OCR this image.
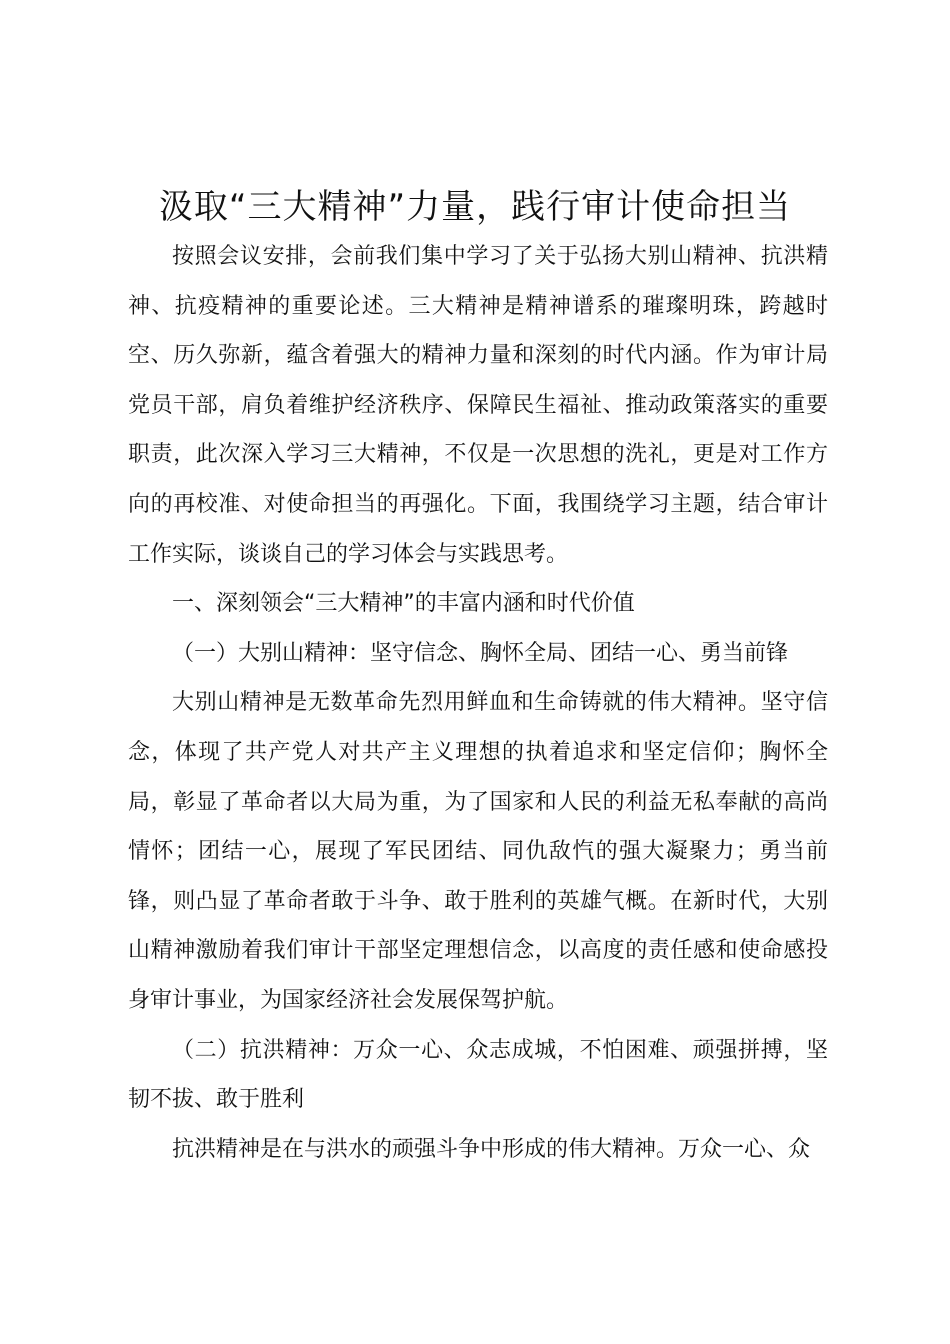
汲取“三大精神”力量，践行审计使命担当

按照会议安排，会前我们集中学习了关于弘扬大别山精神、抗洪精神、抗疫精神的重要论述。三大精神是精神谱系的璀璨明珠，跨越时空、历久弥新，蕴含着强大的精神力量和深刻的时代内涵。作为审计局党员干部，肩负着维护经济秩序、保障民生福祉、推动政策落实的重要职责，此次深入学习三大精神，不仅是一次思想的洗礼，更是对工作方向的再校准、对使命担当的再强化。下面，我围绕学习主题，结合审计工作实际，谈谈自己的学习体会与实践思考。

一、深刻领会“三大精神”的丰富内涵和时代价值

（一）大别山精神：坚守信念、胸怀全局、团结一心、勇当前锋

大别山精神是无数革命先烈用鲜血和生命铸就的伟大精神。坚守信念，体现了共产党人对共产主义理想的执着追求和坚定信仰；胸怀全局，彰显了革命者以大局为重，为了国家和人民的利益无私奉献的高尚情怀；团结一心，展现了军民团结、同仇敌忾的强大凝聚力；勇当前锋，则凸显了革命者敢于斗争、敢于胜利的英雄气概。在新时代，大别山精神激励着我们审计干部坚定理想信念，以高度的责任感和使命感投身审计事业，为国家经济社会发展保驾护航。

（二）抗洪精神：万众一心、众志成城，不怕困难、顽强拼搏，坚韧不拔、敢于胜利

抗洪精神是在与洪水的顽强斗争中形成的伟大精神。万众一心、众
